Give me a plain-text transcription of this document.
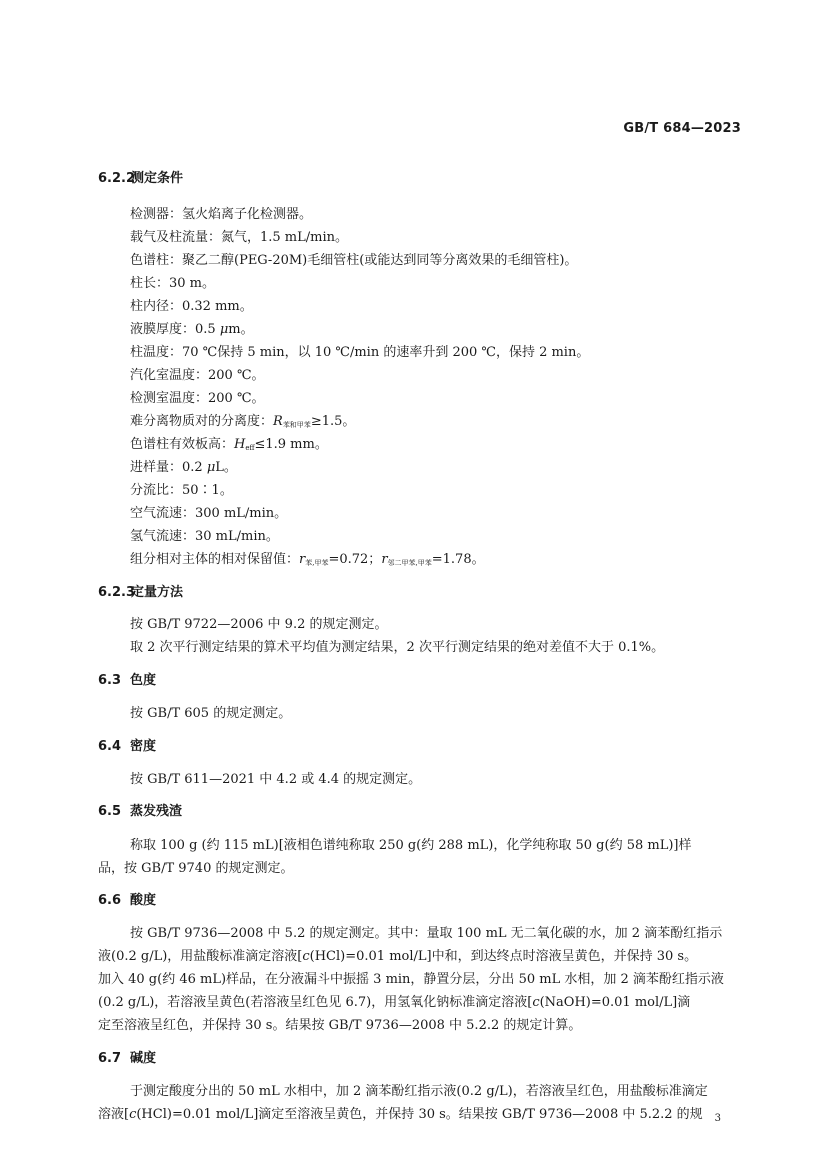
GB/T 684—2023
6.2.2测定条件
检测器：氢火焰离子化检测器。
载气及柱流量：氮气，1.5 mL/min。
色谱柱：聚乙二醇(PEG-20M)毛细管柱(或能达到同等分离效果的毛细管柱)。
柱长：30 m。
柱内径：0.32 mm。
液膜厚度：0.5 μm。
柱温度：70 ℃保持 5 min，以 10 ℃/min 的速率升到 200 ℃，保持 2 min。
汽化室温度：200 ℃。
检测室温度：200 ℃。
难分离物质对的分离度：$R_{苯和甲苯}\ge 1.5$。
色谱柱有效板高：$H_{eff}\le 1.9$ mm。
进样量：0.2 μL。
分流比：50∶1。
空气流速：300 mL/min。
氢气流速：30 mL/min。
组分相对主体的相对保留值：$r_{苯,甲苯}=0.72$；$r_{邻二甲苯,甲苯}=1.78$。
6.2.3定量方法
按 GB/T 9722—2006 中 9.2 的规定测定。
取 2 次平行测定结果的算术平均值为测定结果，2 次平行测定结果的绝对差值不大于 0.1%。
6.3 色度
按 GB/T 605 的规定测定。
6.4 密度
按 GB/T 611—2021 中 4.2 或 4.4 的规定测定。
6.5 蒸发残渣
称取 100 g (约 115 mL)[液相色谱纯称取 250 g(约 288 mL)，化学纯称取 50 g(约 58 mL)]样
品，按 GB/T 9740 的规定测定。
6.6 酸度
按 GB/T 9736—2008 中 5.2 的规定测定。其中：量取 100 mL 无二氧化碳的水，加 2 滴苯酚红指示
液(0.2 g/L)，用盐酸标准滴定溶液[c(HCl)=0.01 mol/L]中和，到达终点时溶液呈黄色，并保持 30 s。
加入 40 g(约 46 mL)样品，在分液漏斗中振摇 3 min，静置分层，分出 50 mL 水相，加 2 滴苯酚红指示液
(0.2 g/L)，若溶液呈黄色(若溶液呈红色见 6.7)，用氢氧化钠标准滴定溶液[c(NaOH)=0.01 mol/L]滴
定至溶液呈红色，并保持 30 s。结果按 GB/T 9736—2008 中 5.2.2 的规定计算。
6.7 碱度
于测定酸度分出的 50 mL 水相中，加 2 滴苯酚红指示液(0.2 g/L)，若溶液呈红色，用盐酸标准滴定
溶液[c(HCl)=0.01 mol/L]滴定至溶液呈黄色，并保持 30 s。结果按 GB/T 9736—2008 中 5.2.2 的规 3
